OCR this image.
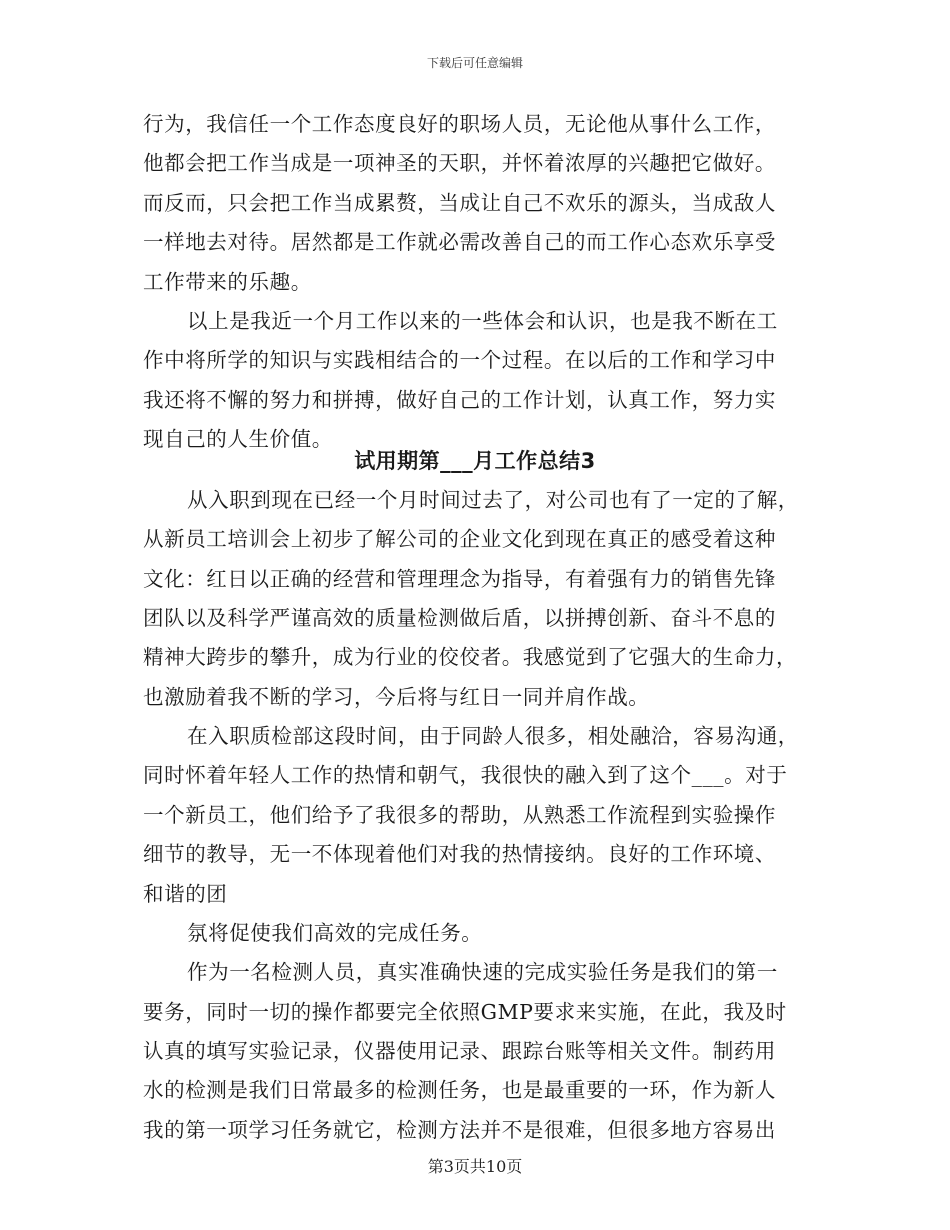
下载后可任意编辑
行为，我信任一个工作态度良好的职场人员，无论他从事什么工作，
他都会把工作当成是一项神圣的天职，并怀着浓厚的兴趣把它做好。
而反而，只会把工作当成累赘，当成让自己不欢乐的源头，当成敌人
一样地去对待。居然都是工作就必需改善自己的而工作心态欢乐享受
工作带来的乐趣。
以上是我近一个月工作以来的一些体会和认识，也是我不断在工
作中将所学的知识与实践相结合的一个过程。在以后的工作和学习中
我还将不懈的努力和拼搏，做好自己的工作计划，认真工作，努力实
现自己的人生价值。
试用期第___月工作总结3
从入职到现在已经一个月时间过去了，对公司也有了一定的了解，
从新员工培训会上初步了解公司的企业文化到现在真正的感受着这种
文化：红日以正确的经营和管理理念为指导，有着强有力的销售先锋
团队以及科学严谨高效的质量检测做后盾，以拼搏创新、奋斗不息的
精神大跨步的攀升，成为行业的佼佼者。我感觉到了它强大的生命力，
也激励着我不断的学习，今后将与红日一同并肩作战。
在入职质检部这段时间，由于同龄人很多，相处融洽，容易沟通，
同时怀着年轻人工作的热情和朝气，我很快的融入到了这个___。对于
一个新员工，他们给予了我很多的帮助，从熟悉工作流程到实验操作
细节的教导，无一不体现着他们对我的热情接纳。良好的工作环境、
和谐的团
氛将促使我们高效的完成任务。
作为一名检测人员，真实准确快速的完成实验任务是我们的第一
要务，同时一切的操作都要完全依照GMP要求来实施，在此，我及时
认真的填写实验记录，仪器使用记录、跟踪台账等相关文件。制药用
水的检测是我们日常最多的检测任务，也是最重要的一环，作为新人
我的第一项学习任务就它，检测方法并不是很难，但很多地方容易出
第3页共10页
